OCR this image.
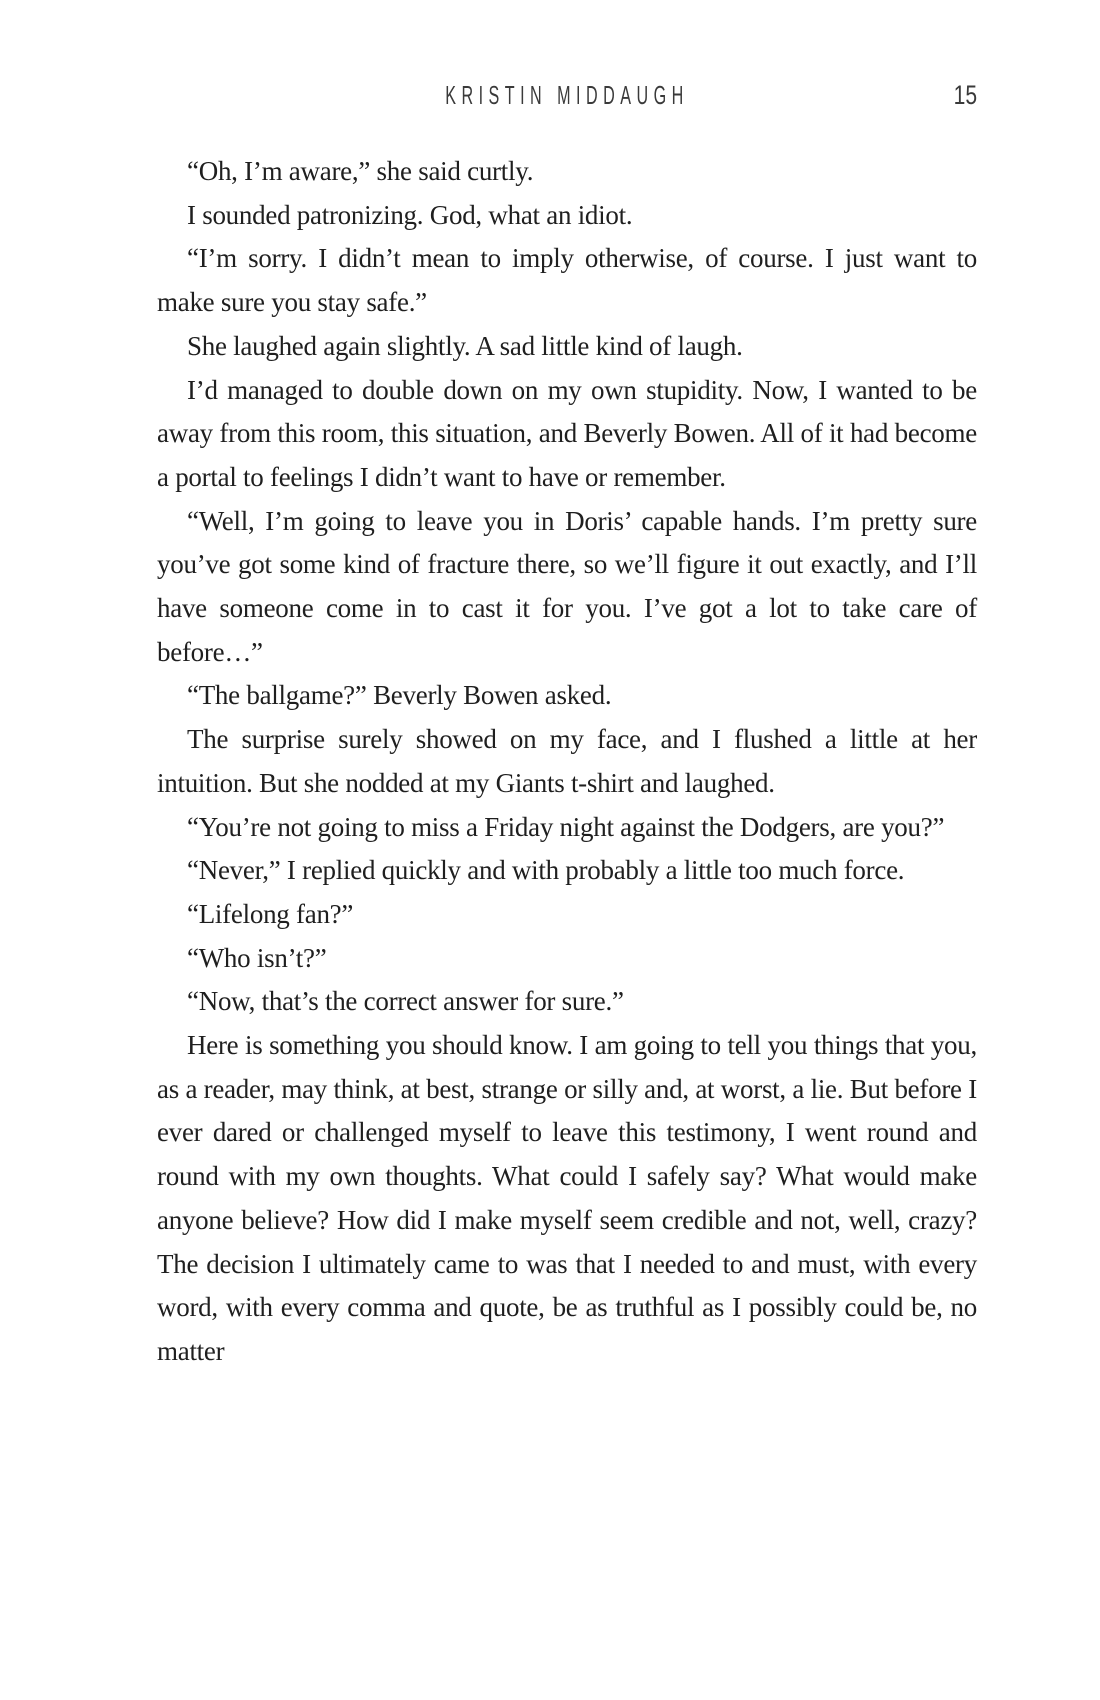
KRISTIN MIDDAUGH	15

“Oh, I’m aware,” she said curtly.

I sounded patronizing. God, what an idiot.

“I’m sorry. I didn’t mean to imply otherwise, of course. I just want to make sure you stay safe.”

She laughed again slightly. A sad little kind of laugh.

I’d managed to double down on my own stupidity. Now, I wanted to be away from this room, this situation, and Beverly Bowen. All of it had become a portal to feelings I didn’t want to have or remember.

“Well, I’m going to leave you in Doris’ capable hands. I’m pretty sure you’ve got some kind of fracture there, so we’ll figure it out exactly, and I’ll have someone come in to cast it for you. I’ve got a lot to take care of before…”

“The ballgame?” Beverly Bowen asked.

The surprise surely showed on my face, and I flushed a little at her intuition. But she nodded at my Giants t-shirt and laughed.

“You’re not going to miss a Friday night against the Dodgers, are you?”

“Never,” I replied quickly and with probably a little too much force.

“Lifelong fan?”

“Who isn’t?”

“Now, that’s the correct answer for sure.”

Here is something you should know. I am going to tell you things that you, as a reader, may think, at best, strange or silly and, at worst, a lie. But before I ever dared or challenged myself to leave this testimony, I went round and round with my own thoughts. What could I safely say? What would make anyone believe? How did I make myself seem credible and not, well, crazy? The decision I ultimately came to was that I needed to and must, with every word, with every comma and quote, be as truthful as I possibly could be, no matter
